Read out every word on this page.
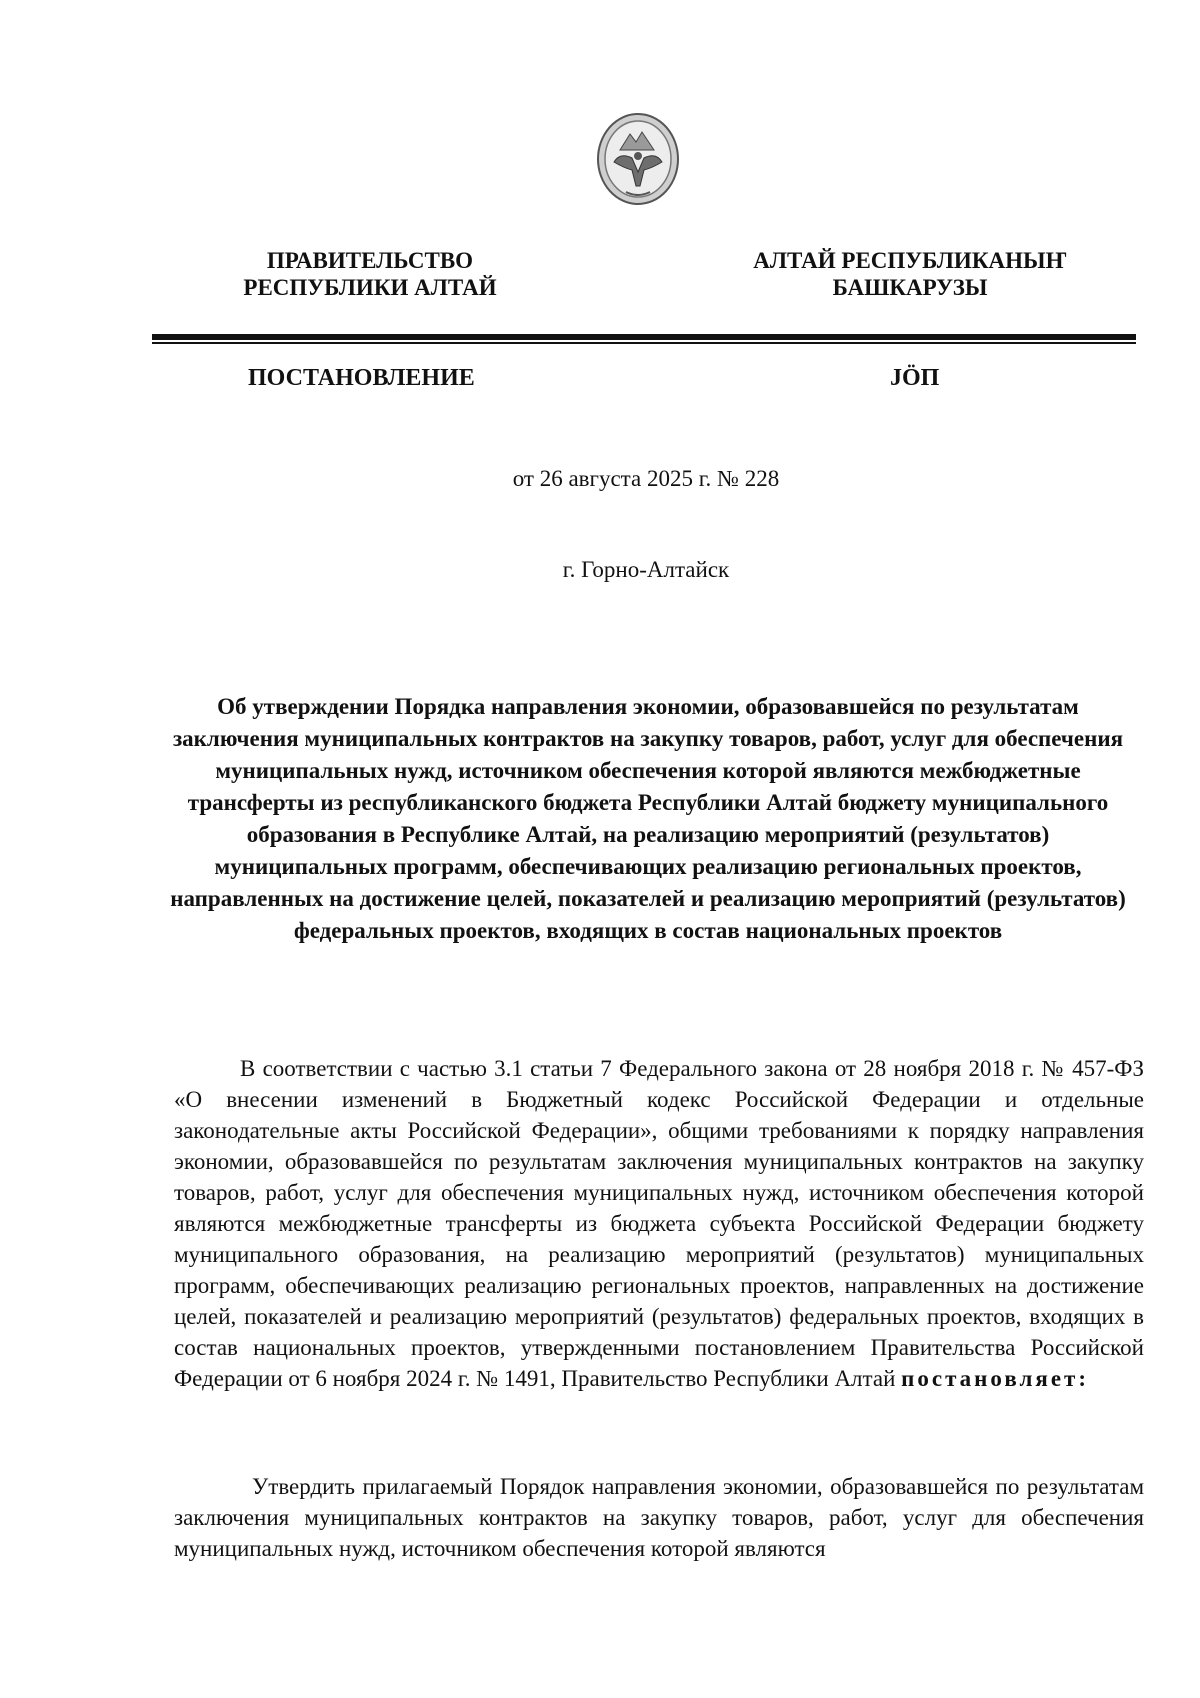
ПРАВИТЕЛЬСТВО
РЕСПУБЛИКИ АЛТАЙ
АЛТАЙ РЕСПУБЛИКАНЫҤ
БАШКАРУЗЫ
ПОСТАНОВЛЕНИЕ	JӦП
от 26 августа 2025 г. № 228
г. Горно-Алтайск
Об утверждении Порядка направления экономии, образовавшейся по результатам заключения муниципальных контрактов на закупку товаров, работ, услуг для обеспечения муниципальных нужд, источником обеспечения которой являются межбюджетные трансферты из республиканского бюджета Республики Алтай бюджету муниципального образования в Республике Алтай, на реализацию мероприятий (результатов) муниципальных программ, обеспечивающих реализацию региональных проектов, направленных на достижение целей, показателей и реализацию мероприятий (результатов) федеральных проектов, входящих в состав национальных проектов

В соответствии с частью 3.1 статьи 7 Федерального закона от 28 ноября 2018 г. № 457-ФЗ «О внесении изменений в Бюджетный кодекс Российской Федерации и отдельные законодательные акты Российской Федерации», общими требованиями к порядку направления экономии, образовавшейся по результатам заключения муниципальных контрактов на закупку товаров, работ, услуг для обеспечения муниципальных нужд, источником обеспечения которой являются межбюджетные трансферты из бюджета субъекта Российской Федерации бюджету муниципального образования, на реализацию мероприятий (результатов) муниципальных программ, обеспечивающих реализацию региональных проектов, направленных на достижение целей, показателей и реализацию мероприятий (результатов) федеральных проектов, входящих в состав национальных проектов, утвержденными постановлением Правительства Российской Федерации от 6 ноября 2024 г. № 1491, Правительство Республики Алтай постановляет:

Утвердить прилагаемый Порядок направления экономии, образовавшейся по результатам заключения муниципальных контрактов на закупку товаров, работ, услуг для обеспечения муниципальных нужд, источником обеспечения которой являются
